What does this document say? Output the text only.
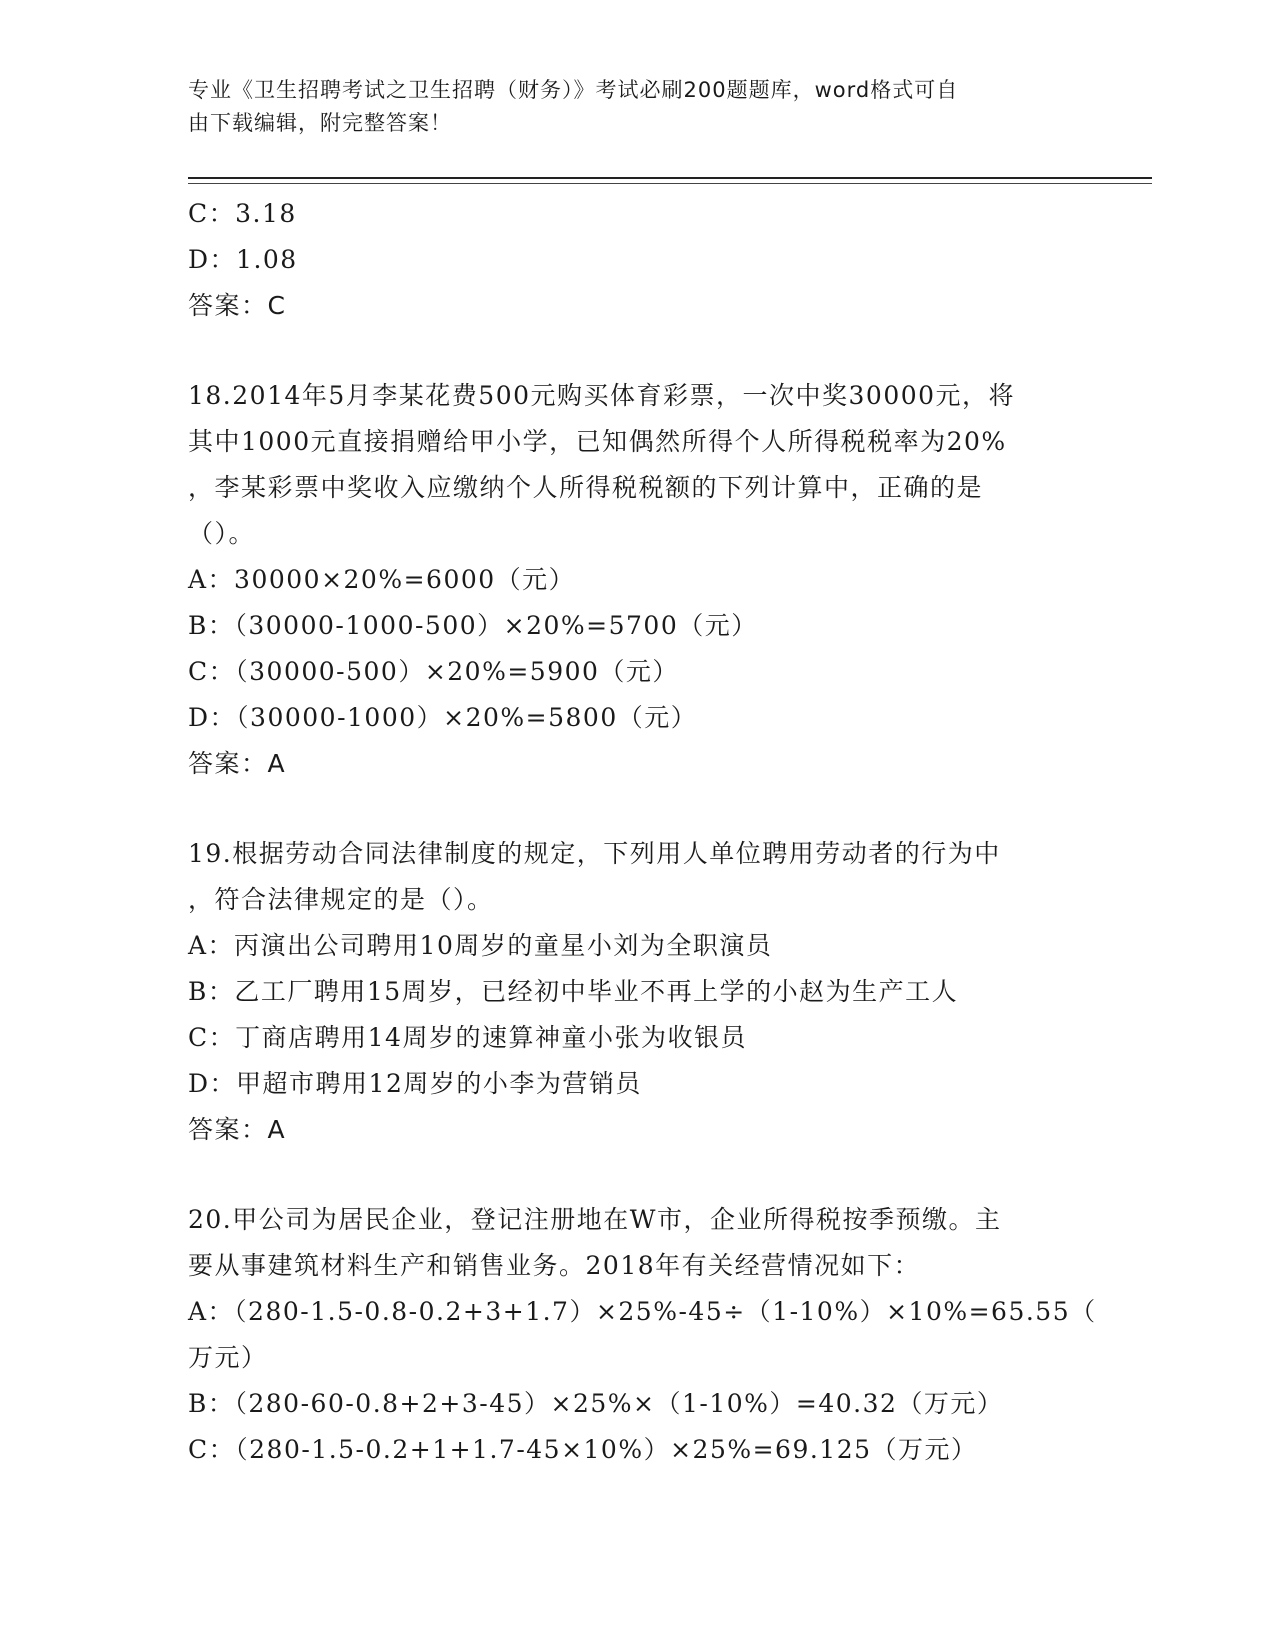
专业《卫生招聘考试之卫生招聘（财务）》考试必刷200题题库，word格式可自
由下载编辑，附完整答案！
C：3.18
D：1.08
答案：C
18.2014年5月李某花费500元购买体育彩票，一次中奖30000元，将
其中1000元直接捐赠给甲小学，已知偶然所得个人所得税税率为20%
，李某彩票中奖收入应缴纳个人所得税税额的下列计算中，正确的是
（）。
A：30000×20%=6000（元）
B：（30000-1000-500）×20%=5700（元）
C：（30000-500）×20%=5900（元）
D：（30000-1000）×20%=5800（元）
答案：A
19.根据劳动合同法律制度的规定，下列用人单位聘用劳动者的行为中
，符合法律规定的是（）。
A：丙演出公司聘用10周岁的童星小刘为全职演员
B：乙工厂聘用15周岁，已经初中毕业不再上学的小赵为生产工人
C：丁商店聘用14周岁的速算神童小张为收银员
D：甲超市聘用12周岁的小李为营销员
答案：A
20.甲公司为居民企业，登记注册地在W市，企业所得税按季预缴。主
要从事建筑材料生产和销售业务。2018年有关经营情况如下：
A：（280-1.5-0.8-0.2+3+1.7）×25%-45÷（1-10%）×10%=65.55（
万元）
B：（280-60-0.8+2+3-45）×25%×（1-10%）=40.32（万元）
C：（280-1.5-0.2+1+1.7-45×10%）×25%=69.125（万元）
